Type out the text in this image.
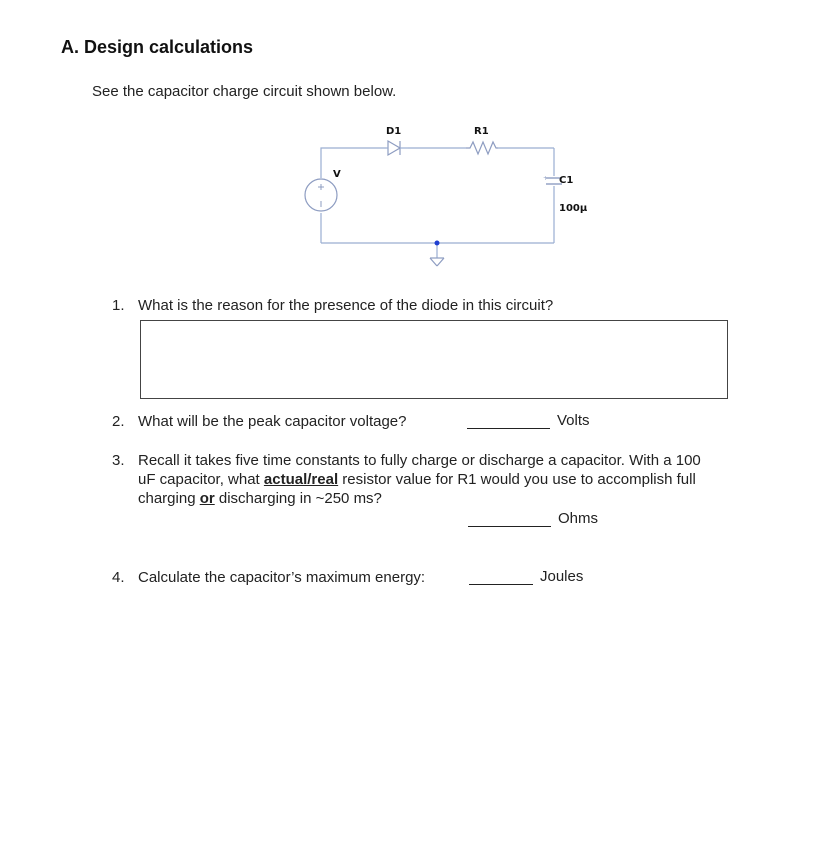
A. Design calculations
See the capacitor charge circuit shown below.
V
D1	R1
+ C1
100µ
1. What is the reason for the presence of the diode in this circuit?
2. What will be the peak capacitor voltage?	Volts
3. Recall it takes five time constants to fully charge or discharge a capacitor. With a 100
uF capacitor, what actual/real resistor value for R1 would you use to accomplish full
charging or discharging in ~250 ms?
Ohms
4. Calculate the capacitor’s maximum energy:	Joules
